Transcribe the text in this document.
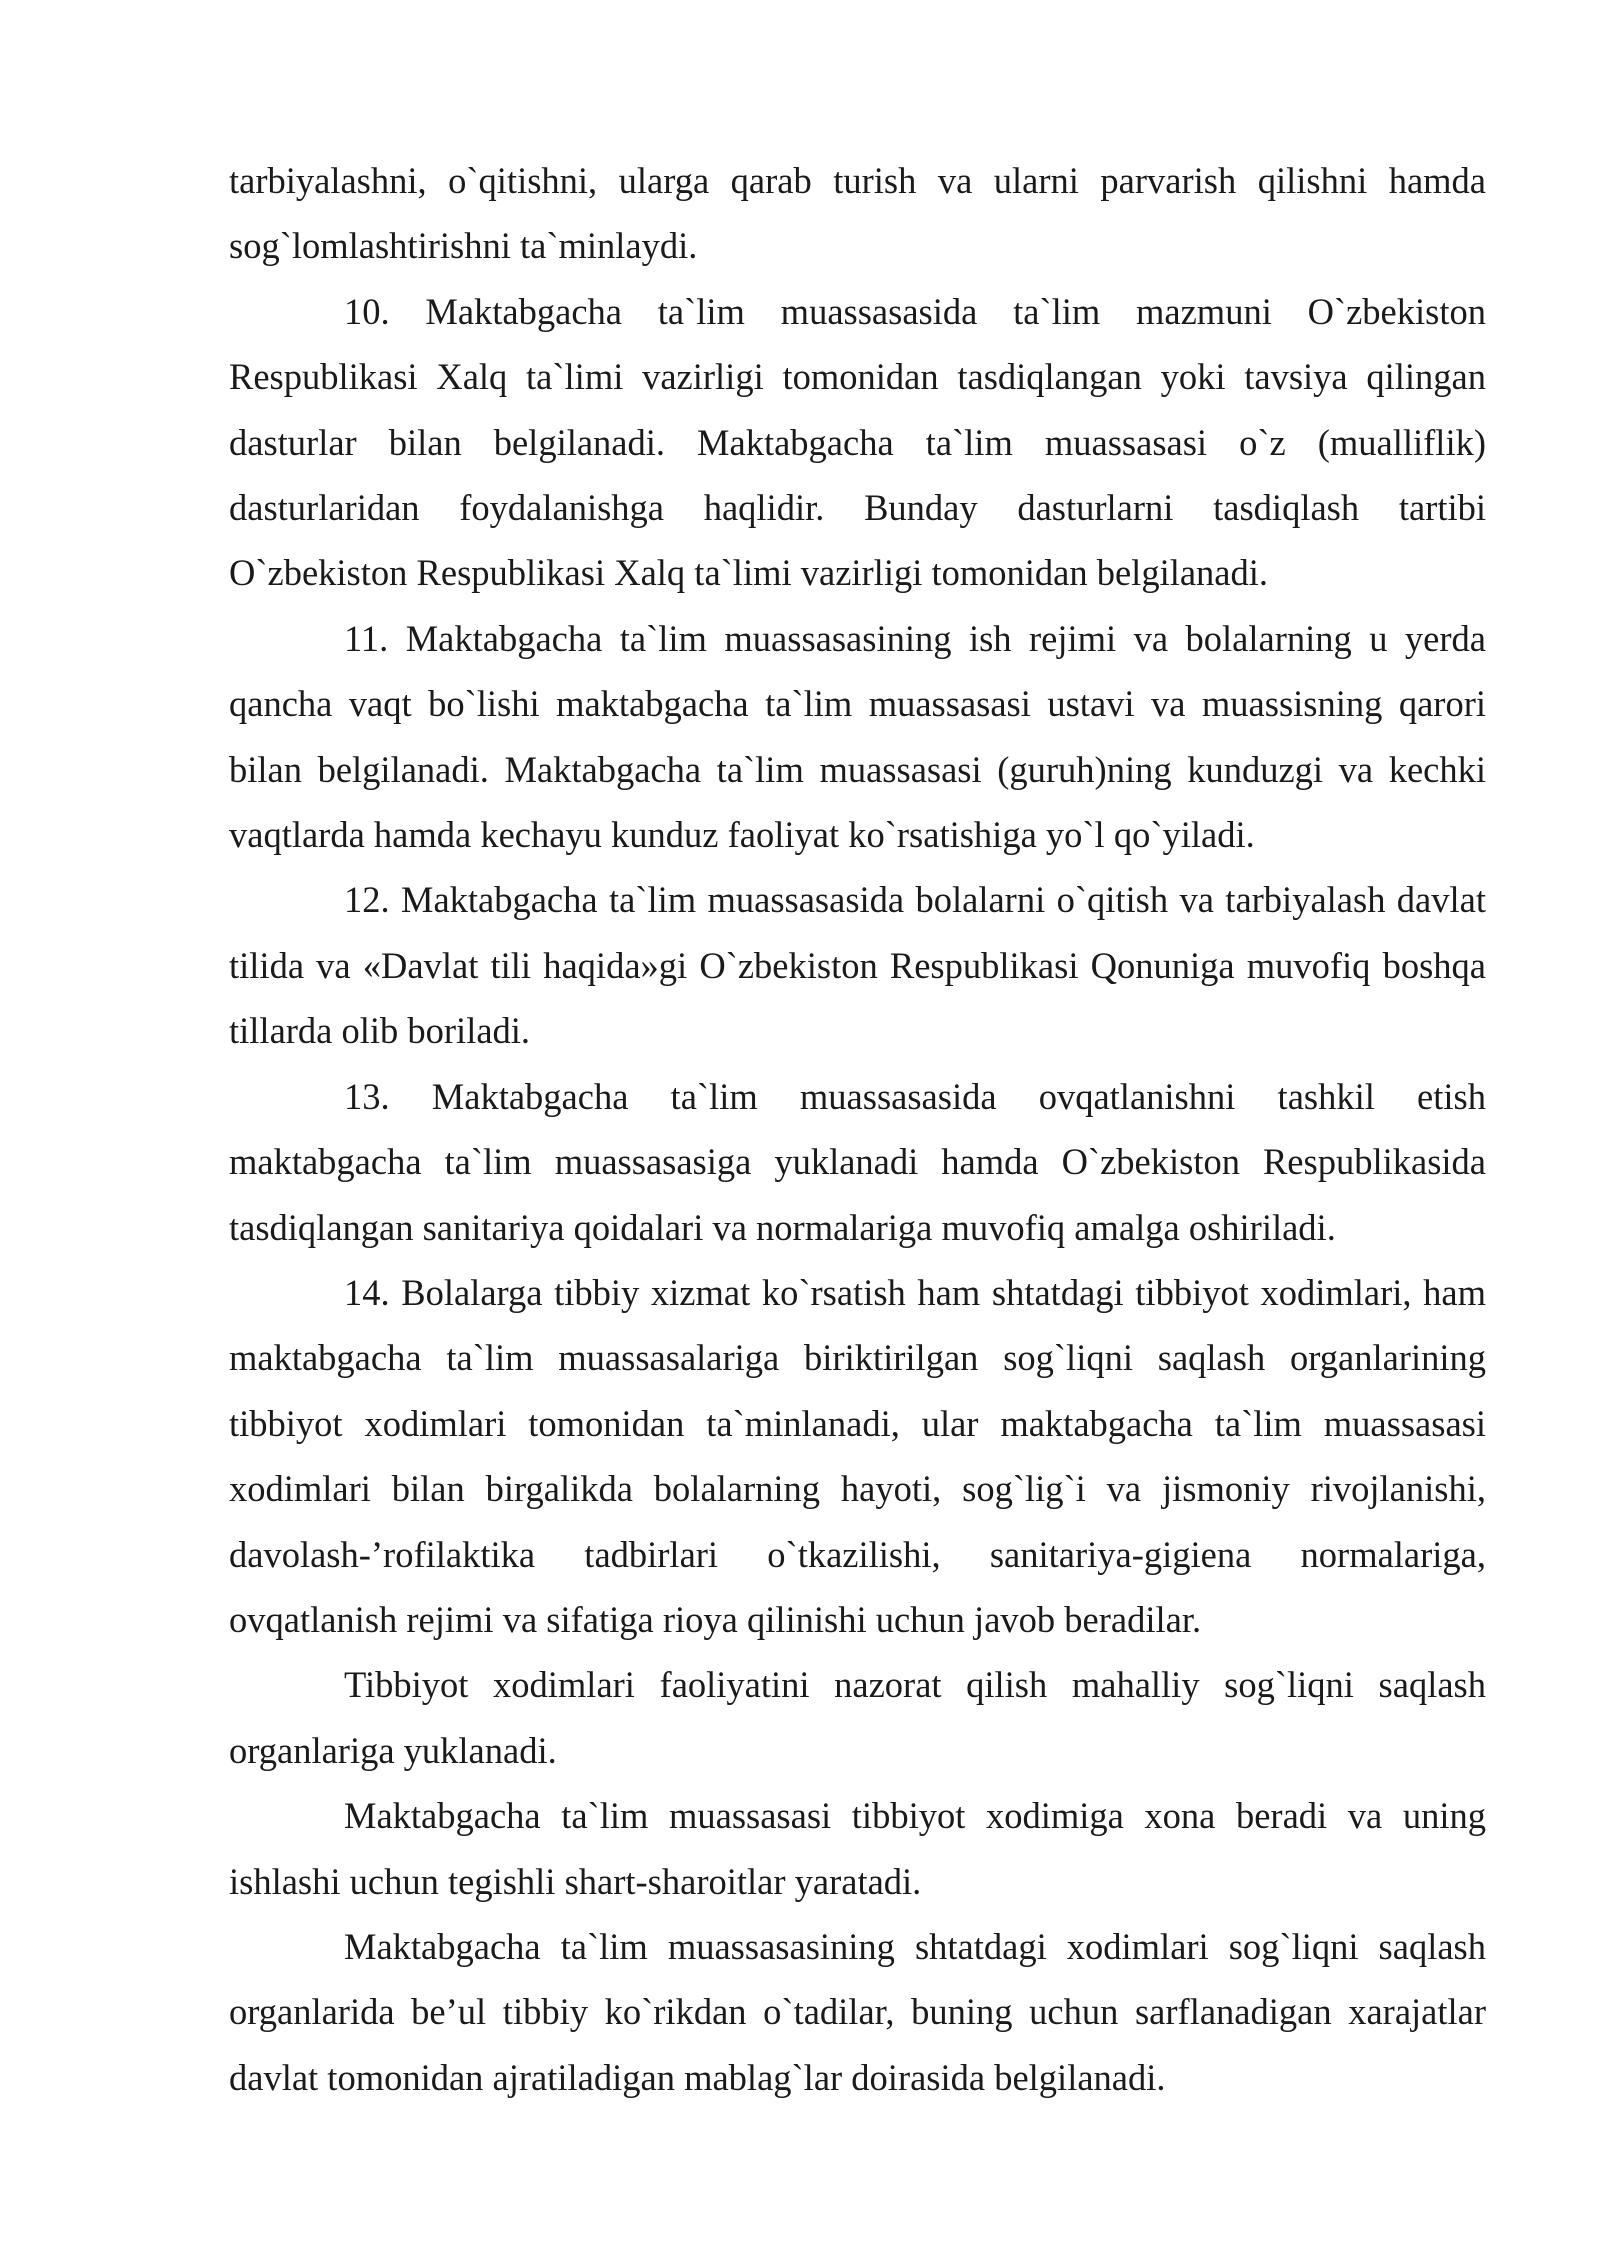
tarbiyalashni, o`qitishni, ularga qarab turish va ularni parvarish qilishni hamda sog`lomlashtirishni ta`minlaydi.

10. Maktabgacha ta`lim muassasasida ta`lim mazmuni O`zbekiston Respublikasi Xalq ta`limi vazirligi tomonidan tasdiqlangan yoki tavsiya qilingan dasturlar bilan belgilanadi. Maktabgacha ta`lim muassasasi o`z (mualliflik) dasturlaridan foydalanishga haqlidir. Bunday dasturlarni tasdiqlash tartibi O`zbekiston Respublikasi Xalq ta`limi vazirligi tomonidan belgilanadi.

11. Maktabgacha ta`lim muassasasining ish rejimi va bolalarning u yerda qancha vaqt bo`lishi maktabgacha ta`lim muassasasi ustavi va muassisning qarori bilan belgilanadi. Maktabgacha ta`lim muassasasi (guruh)ning kunduzgi va kechki vaqtlarda hamda kechayu kunduz faoliyat ko`rsatishiga yo`l qo`yiladi.

12. Maktabgacha ta`lim muassasasida bolalarni o`qitish va tarbiyalash davlat tilida va «Davlat tili haqida»gi O`zbekiston Respublikasi Qonuniga muvofiq boshqa tillarda olib boriladi.

13. Maktabgacha ta`lim muassasasida ovqatlanishni tashkil etish maktabgacha ta`lim muassasasiga yuklanadi hamda O`zbekiston Respublikasida tasdiqlangan sanitariya qoidalari va normalariga muvofiq amalga oshiriladi.

14. Bolalarga tibbiy xizmat ko`rsatish ham shtatdagi tibbiyot xodimlari, ham maktabgacha ta`lim muassasalariga biriktirilgan sog`liqni saqlash organlarining tibbiyot xodimlari tomonidan ta`minlanadi, ular maktabgacha ta`lim muassasasi xodimlari bilan birgalikda bolalarning hayoti, sog`lig`i va jismoniy rivojlanishi, davolash-’rofilaktika tadbirlari o`tkazilishi, sanitariya-gigiena normalariga, ovqatlanish rejimi va sifatiga rioya qilinishi uchun javob beradilar.

Tibbiyot xodimlari faoliyatini nazorat qilish mahalliy sog`liqni saqlash organlariga yuklanadi.

Maktabgacha ta`lim muassasasi tibbiyot xodimiga xona beradi va uning ishlashi uchun tegishli shart-sharoitlar yaratadi.

Maktabgacha ta`lim muassasasining shtatdagi xodimlari sog`liqni saqlash organlarida be’ul tibbiy ko`rikdan o`tadilar, buning uchun sarflanadigan xarajatlar davlat tomonidan ajratiladigan mablag`lar doirasida belgilanadi.
